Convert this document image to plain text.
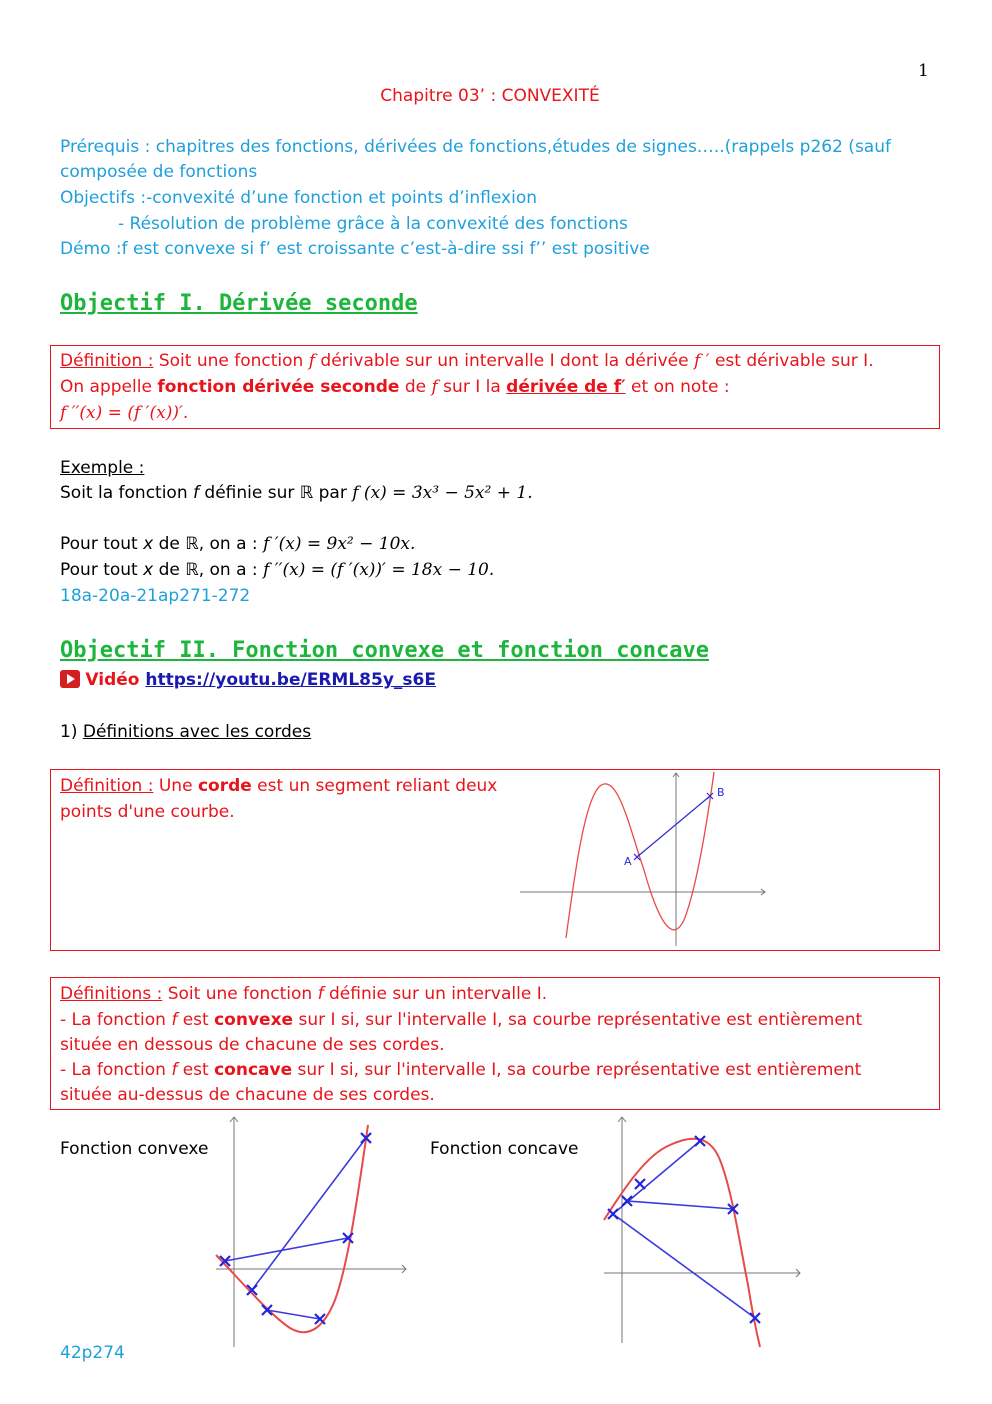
1
Chapitre 03’ : CONVEXITÉ
Prérequis : chapitres des fonctions, dérivées de fonctions,études de signes…..(rappels p262 (sauf
composée de fonctions
Objectifs :-convexité d’une fonction et points d’inflexion
- Résolution de problème grâce à la convexité des fonctions
Démo :f est convexe si f’ est croissante c’est-à-dire ssi f’’ est positive
Objectif I. Dérivée seconde
Définition : Soit une fonction f dérivable sur un intervalle I dont la dérivée f ′ est dérivable sur I.
On appelle fonction dérivée seconde de f sur I la dérivée de f′ et on note :
f ′′(x) = (f ′(x))′.
Exemple :
Soit la fonction f définie sur ℝ par f (x) = 3x³ − 5x² + 1.
Pour tout x de ℝ, on a : f ′(x) = 9x² − 10x.
Pour tout x de ℝ, on a : f ′′(x) = (f ′(x))′ = 18x − 10.
18a-20a-21ap271-272
Objectif II. Fonction convexe et fonction concave
Vidéo https://youtu.be/ERML85y_s6E
1) Définitions avec les cordes
Définition : Une corde est un segment reliant deux
points d'une courbe.
A
B
Définitions : Soit une fonction f définie sur un intervalle I.
- La fonction f est convexe sur I si, sur l'intervalle I, sa courbe représentative est entièrement
située en dessous de chacune de ses cordes.
- La fonction f est concave sur I si, sur l'intervalle I, sa courbe représentative est entièrement
située au-dessus de chacune de ses cordes.
Fonction convexe	Fonction concave
42p274
